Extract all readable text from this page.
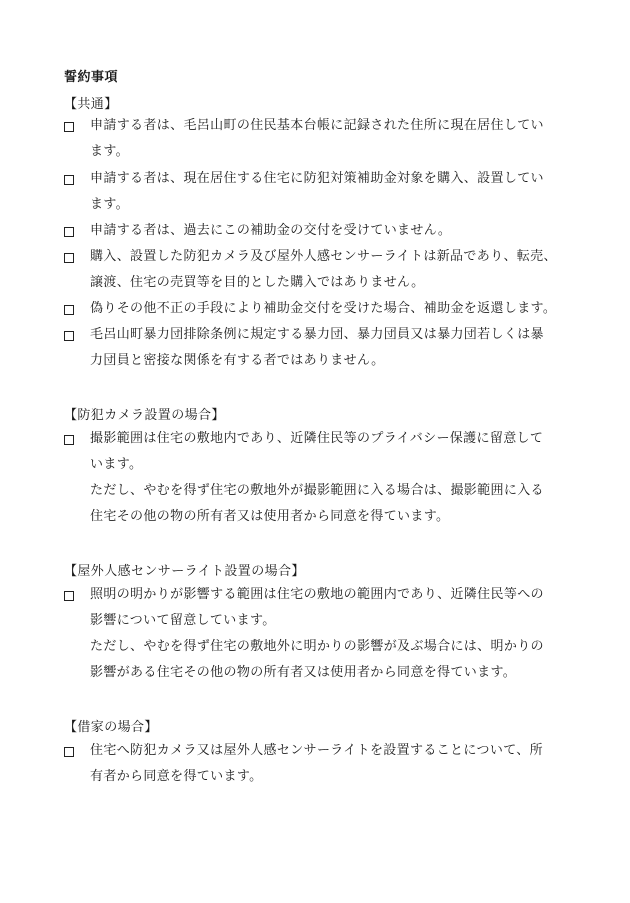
誓約事項
【共通】
申請する者は、毛呂山町の住民基本台帳に記録された住所に現在居住してい
ます。
申請する者は、現在居住する住宅に防犯対策補助金対象を購入、設置してい
ます。
申請する者は、過去にこの補助金の交付を受けていません。
購入、設置した防犯カメラ及び屋外人感センサーライトは新品であり、転売、
譲渡、住宅の売買等を目的とした購入ではありません。
偽りその他不正の手段により補助金交付を受けた場合、補助金を返還します。
毛呂山町暴力団排除条例に規定する暴力団、暴力団員又は暴力団若しくは暴
力団員と密接な関係を有する者ではありません。
【防犯カメラ設置の場合】
撮影範囲は住宅の敷地内であり、近隣住民等のプライバシー保護に留意して
います。
ただし、やむを得ず住宅の敷地外が撮影範囲に入る場合は、撮影範囲に入る
住宅その他の物の所有者又は使用者から同意を得ています。
【屋外人感センサーライト設置の場合】
照明の明かりが影響する範囲は住宅の敷地の範囲内であり、近隣住民等への
影響について留意しています。
ただし、やむを得ず住宅の敷地外に明かりの影響が及ぶ場合には、明かりの
影響がある住宅その他の物の所有者又は使用者から同意を得ています。
【借家の場合】
住宅へ防犯カメラ又は屋外人感センサーライトを設置することについて、所
有者から同意を得ています。
